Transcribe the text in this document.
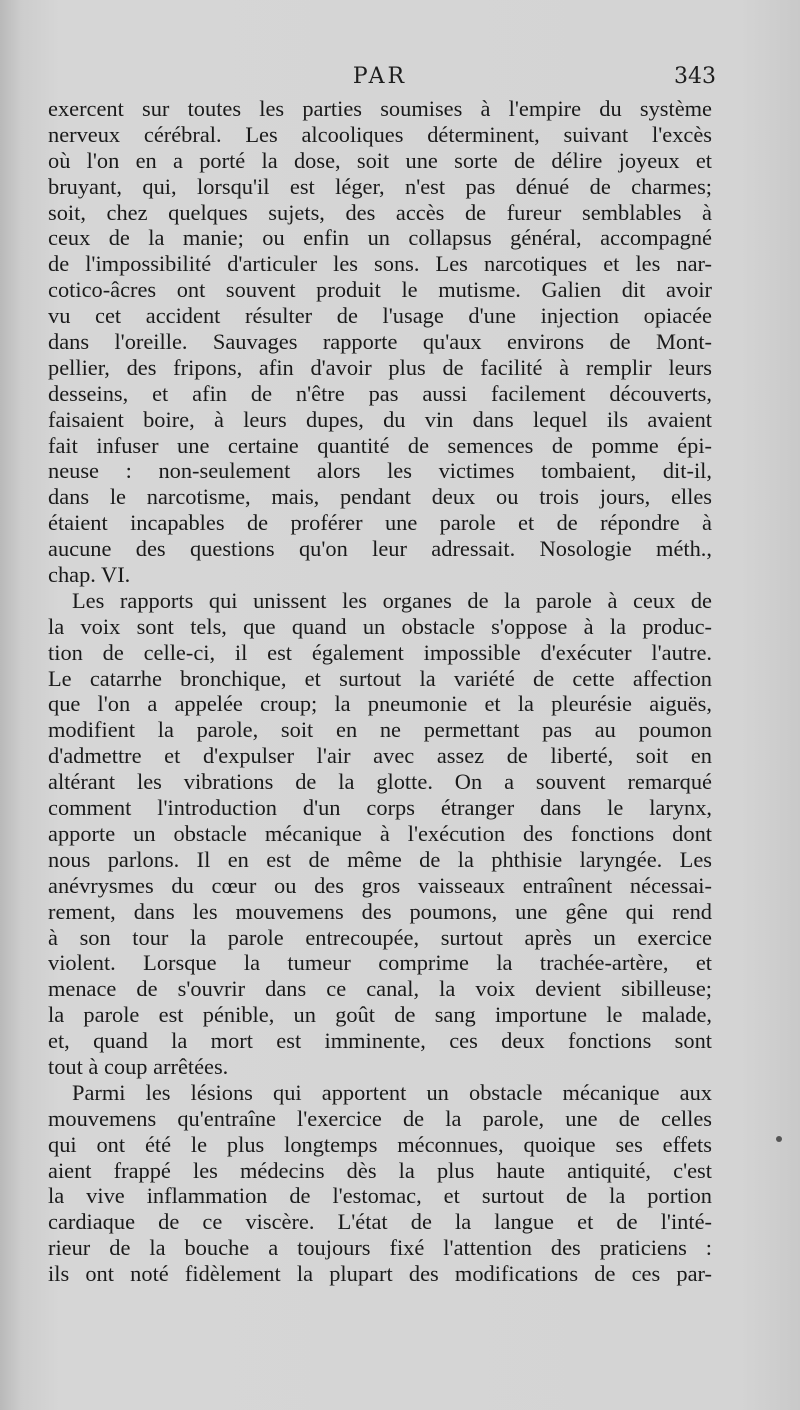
PAR	343
exercent sur toutes les parties soumises à l'empire du système
nerveux cérébral. Les alcooliques déterminent, suivant l'excès
où l'on en a porté la dose, soit une sorte de délire joyeux et
bruyant, qui, lorsqu'il est léger, n'est pas dénué de charmes;
soit, chez quelques sujets, des accès de fureur semblables à
ceux de la manie; ou enfin un collapsus général, accompagné
de l'impossibilité d'articuler les sons. Les narcotiques et les nar-
cotico-âcres ont souvent produit le mutisme. Galien dit avoir
vu cet accident résulter de l'usage d'une injection opiacée
dans l'oreille. Sauvages rapporte qu'aux environs de Mont-
pellier, des fripons, afin d'avoir plus de facilité à remplir leurs
desseins, et afin de n'être pas aussi facilement découverts,
faisaient boire, à leurs dupes, du vin dans lequel ils avaient
fait infuser une certaine quantité de semences de pomme épi-
neuse : non-seulement alors les victimes tombaient, dit-il,
dans le narcotisme, mais, pendant deux ou trois jours, elles
étaient incapables de proférer une parole et de répondre à
aucune des questions qu'on leur adressait. Nosologie méth.,
chap. VI.
Les rapports qui unissent les organes de la parole à ceux de
la voix sont tels, que quand un obstacle s'oppose à la produc-
tion de celle-ci, il est également impossible d'exécuter l'autre.
Le catarrhe bronchique, et surtout la variété de cette affection
que l'on a appelée croup; la pneumonie et la pleurésie aiguës,
modifient la parole, soit en ne permettant pas au poumon
d'admettre et d'expulser l'air avec assez de liberté, soit en
altérant les vibrations de la glotte. On a souvent remarqué
comment l'introduction d'un corps étranger dans le larynx,
apporte un obstacle mécanique à l'exécution des fonctions dont
nous parlons. Il en est de même de la phthisie laryngée. Les
anévrysmes du cœur ou des gros vaisseaux entraînent nécessai-
rement, dans les mouvemens des poumons, une gêne qui rend
à son tour la parole entrecoupée, surtout après un exercice
violent. Lorsque la tumeur comprime la trachée-artère, et
menace de s'ouvrir dans ce canal, la voix devient sibilleuse;
la parole est pénible, un goût de sang importune le malade,
et, quand la mort est imminente, ces deux fonctions sont
tout à coup arrêtées.
Parmi les lésions qui apportent un obstacle mécanique aux
mouvemens qu'entraîne l'exercice de la parole, une de celles
qui ont été le plus longtemps méconnues, quoique ses effets
aient frappé les médecins dès la plus haute antiquité, c'est
la vive inflammation de l'estomac, et surtout de la portion
cardiaque de ce viscère. L'état de la langue et de l'inté-
rieur de la bouche a toujours fixé l'attention des praticiens :
ils ont noté fidèlement la plupart des modifications de ces par-
